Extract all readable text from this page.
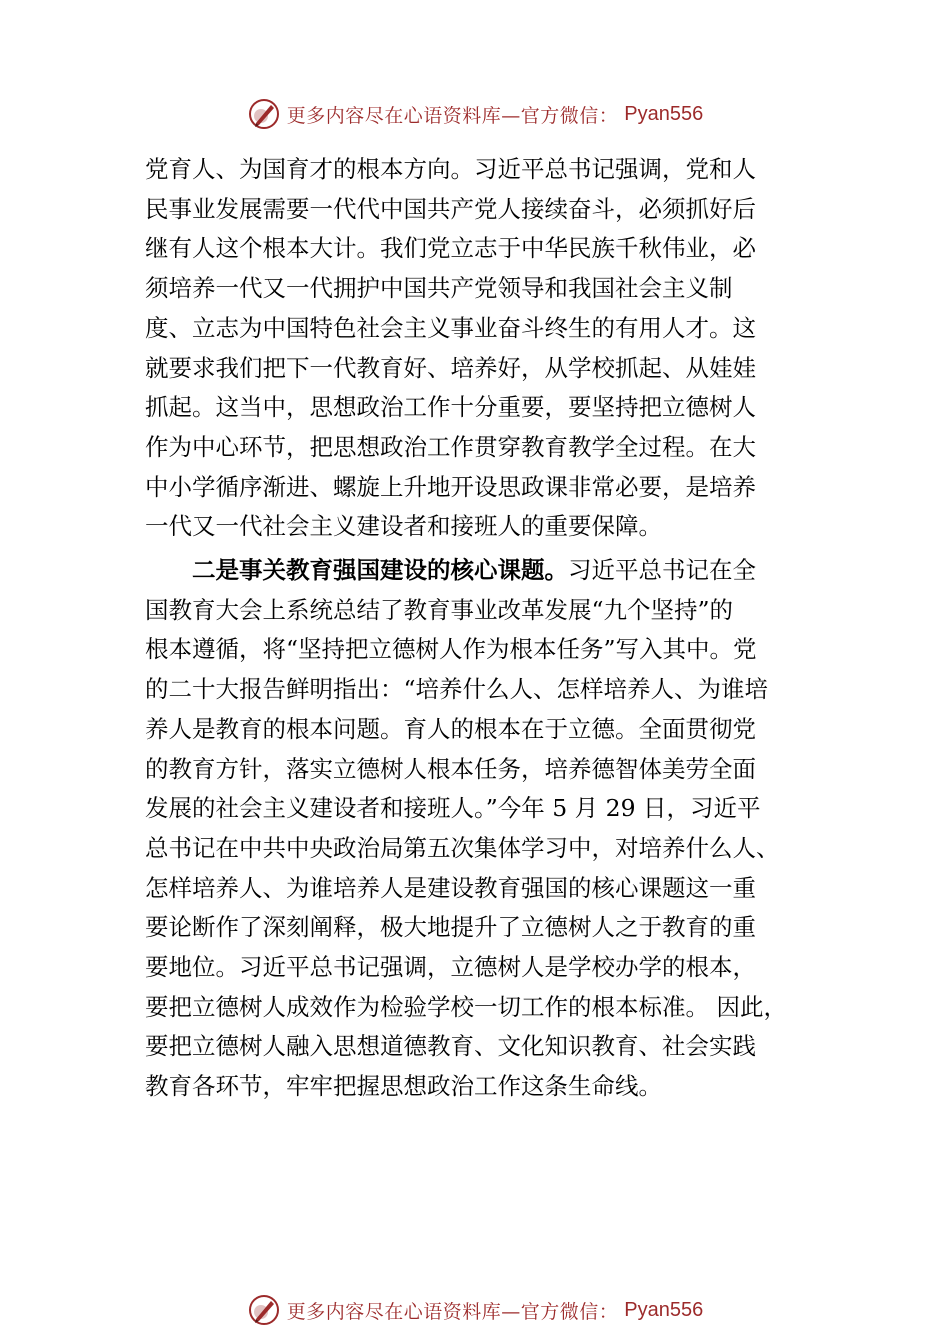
更多内容尽在心语资料库—官方微信： Pyan556
党育人、为国育才的根本方向。习近平总书记强调，党和人
民事业发展需要一代代中国共产党人接续奋斗，必须抓好后
继有人这个根本大计。我们党立志于中华民族千秋伟业，必
须培养一代又一代拥护中国共产党领导和我国社会主义制
度、立志为中国特色社会主义事业奋斗终生的有用人才。这
就要求我们把下一代教育好、培养好，从学校抓起、从娃娃
抓起。这当中，思想政治工作十分重要，要坚持把立德树人
作为中心环节，把思想政治工作贯穿教育教学全过程。在大
中小学循序渐进、螺旋上升地开设思政课非常必要，是培养
一代又一代社会主义建设者和接班人的重要保障。
二是事关教育强国建设的核心课题。习近平总书记在全
国教育大会上系统总结了教育事业改革发展“九个坚持”的
根本遵循，将“坚持把立德树人作为根本任务”写入其中。党
的二十大报告鲜明指出：“培养什么人、怎样培养人、为谁培
养人是教育的根本问题。育人的根本在于立德。全面贯彻党
的教育方针，落实立德树人根本任务，培养德智体美劳全面
发展的社会主义建设者和接班人。”今年 5 月 29 日，习近平
总书记在中共中央政治局第五次集体学习中，对培养什么人、
怎样培养人、为谁培养人是建设教育强国的核心课题这一重
要论断作了深刻阐释，极大地提升了立德树人之于教育的重
要地位。习近平总书记强调，立德树人是学校办学的根本，
要把立德树人成效作为检验学校一切工作的根本标准。 因此，
要把立德树人融入思想道德教育、文化知识教育、社会实践
教育各环节，牢牢把握思想政治工作这条生命线。
更多内容尽在心语资料库—官方微信： Pyan556
